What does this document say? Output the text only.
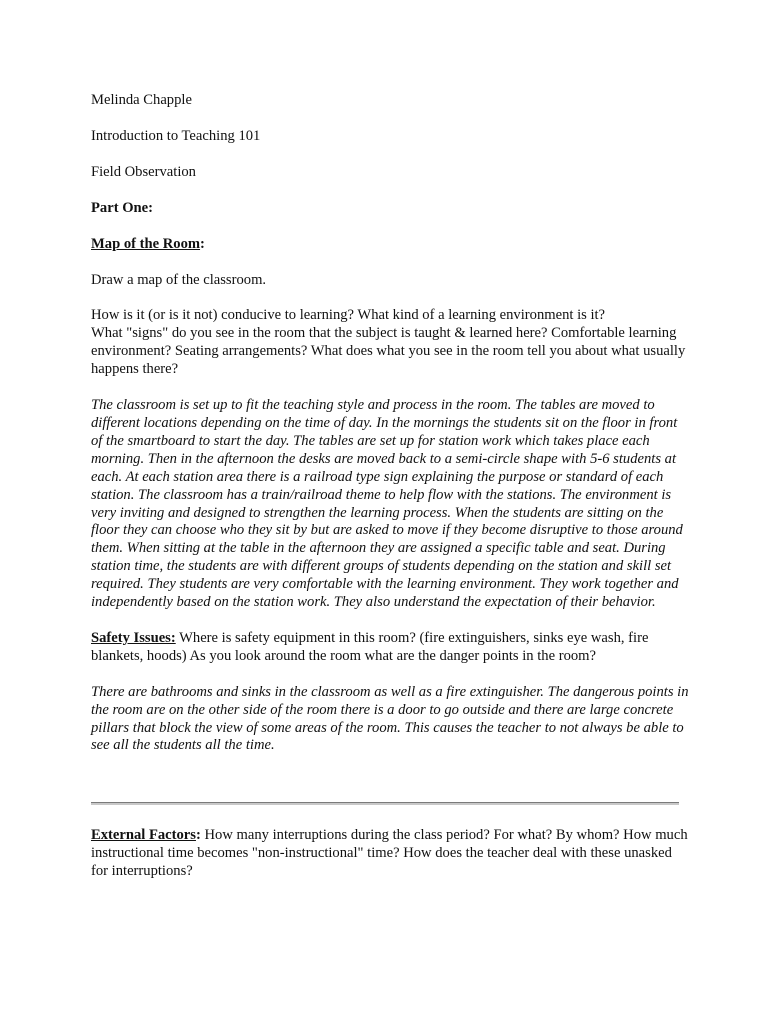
Melinda Chapple

Introduction to Teaching 101

Field Observation

Part One:

Map of the Room:

Draw a map of the classroom.

How is it (or is it not) conducive to learning? What kind of a learning environment is it?

What "signs" do you see in the room that the subject is taught & learned here? Comfortable learning environment? Seating arrangements? What does what you see in the room tell you about what usually happens there?

The classroom is set up to fit the teaching style and process in the room. The tables are moved to different locations depending on the time of day. In the mornings the students sit on the floor in front of the smartboard to start the day. The tables are set up for station work which takes place each morning. Then in the afternoon the desks are moved back to a semi-circle shape with 5-6 students at each. At each station area there is a railroad type sign explaining the purpose or standard of each station. The classroom has a train/railroad theme to help flow with the stations. The environment is very inviting and designed to strengthen the learning process. When the students are sitting on the floor they can choose who they sit by but are asked to move if they become disruptive to those around them. When sitting at the table in the afternoon they are assigned a specific table and seat. During station time, the students are with different groups of students depending on the station and skill set required. They students are very comfortable with the learning environment. They work together and independently based on the station work. They also understand the expectation of their behavior.

Safety Issues: Where is safety equipment in this room? (fire extinguishers, sinks eye wash, fire blankets, hoods) As you look around the room what are the danger points in the room?

There are bathrooms and sinks in the classroom as well as a fire extinguisher. The dangerous points in the room are on the other side of the room there is a door to go outside and there are large concrete pillars that block the view of some areas of the room. This causes the teacher to not always be able to see all the students all the time.

External Factors: How many interruptions during the class period? For what? By whom? How much instructional time becomes "non-instructional" time? How does the teacher deal with these unasked for interruptions?
